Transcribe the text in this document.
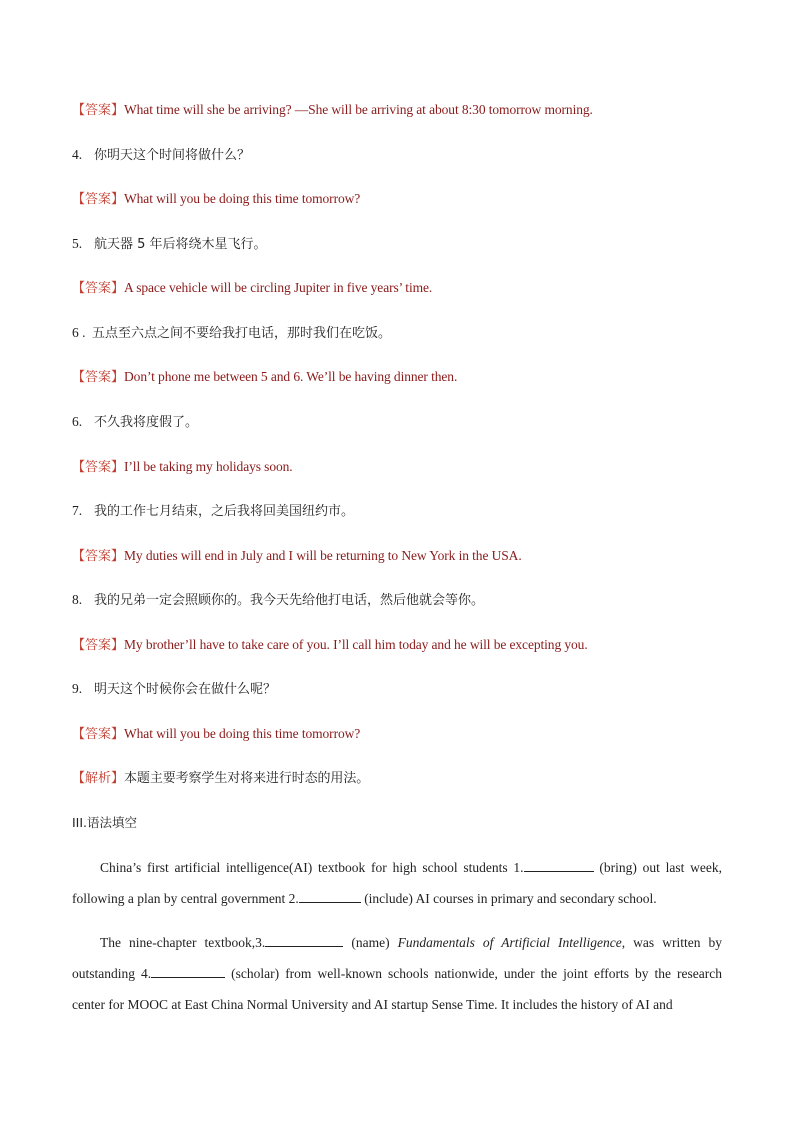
【答案】What time will she be arriving? —She will be arriving at about 8:30 tomorrow morning.
4. 你明天这个时间将做什么？
【答案】What will you be doing this time tomorrow?
5. 航天器 5 年后将绕木星飞行。
【答案】A space vehicle will be circling Jupiter in five years’ time.
6 . 五点至六点之间不要给我打电话，那时我们在吃饭。
【答案】Don’t phone me between 5 and 6. We’ll be having dinner then.
6. 不久我将度假了。
【答案】I’ll be taking my holidays soon.
7. 我的工作七月结束，之后我将回美国纽约市。
【答案】My duties will end in July and I will be returning to New York in the USA.
8. 我的兄弟一定会照顾你的。我今天先给他打电话，然后他就会等你。
【答案】My brother’ll have to take care of you. I’ll call him today and he will be excepting you.
9. 明天这个时候你会在做什么呢？
【答案】What will you be doing this time tomorrow?
【解析】本题主要考察学生对将来进行时态的用法。
III.语法填空
China’s first artificial intelligence(AI) textbook for high school students 1.	(bring) out last week, following a plan by central government 2.	(include) AI courses in primary and secondary school.
The nine-chapter textbook,3.	(name) Fundamentals of Artificial Intelligence, was written by outstanding 4.	(scholar) from well-known schools nationwide, under the joint efforts by the research center for MOOC at East China Normal University and AI startup Sense Time. It includes the history of AI and
